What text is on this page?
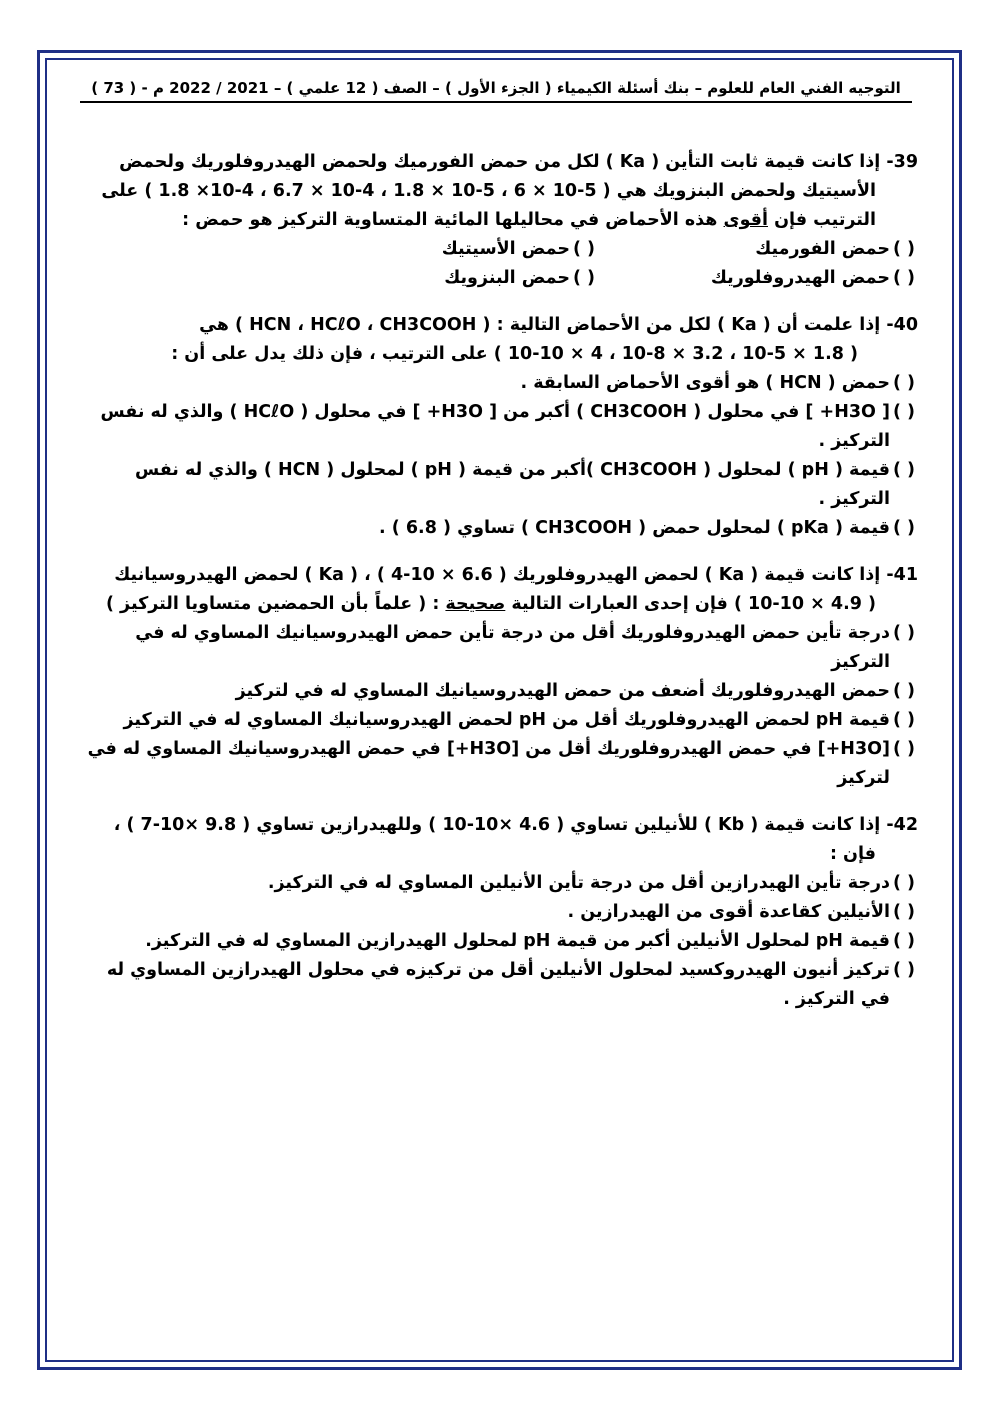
التوجيه الفني العام للعلوم – بنك أسئلة الكيمياء ( الجزء الأول ) – الصف ( 12 علمي ) – 2021 / 2022 م - ( 73 )
39- إذا كانت قيمة ثابت التأين ( Ka ) لكل من حمض الفورميك ولحمض الهيدروفلوريك ولحمض
الأسيتيك ولحمض البنزويك هي ( 1.8 ×10-4 ، 6.7 × 10-4 ، 1.8 × 10-5 ، 6 × 10-5 ) على
الترتيب فإن أقوى هذه الأحماض في محاليلها المائية المتساوية التركيز هو حمض :
( )
حمض الفورميك
( )
حمض الأسيتيك
( )
حمض الهيدروفلوريك
( )
حمض البنزويك
40- إذا علمت أن ( Ka ) لكل من الأحماض التالية : ( HCN ، HCℓO ، CH3COOH ) هي
( 1.8 × 10-5 ، 3.2 × 10-8 ، 4 × 10-10 ) على الترتيب ، فإن ذلك يدل على أن :
( )
حمض ( HCN ) هو أقوى الأحماض السابقة .
( )
[ H3O+ ] في محلول ( CH3COOH ) أكبر من [ H3O+ ] في محلول ( HCℓO ) والذي له نفس التركيز .
( )
قيمة ( pH ) لمحلول ( CH3COOH )أكبر من قيمة ( pH ) لمحلول ( HCN ) والذي له نفس التركيز .
( )
قيمة ( pKa ) لمحلول حمض ( CH3COOH ) تساوي ( 6.8 ) .
41- إذا كانت قيمة ( Ka ) لحمض الهيدروفلوريك ( 6.6 × 10-4 ) ، ( Ka ) لحمض الهيدروسيانيك
( 4.9 × 10-10 ) فإن إحدى العبارات التالية صحيحة : ( علماً بأن الحمضين متساويا التركيز )
( )
درجة تأين حمض الهيدروفلوريك أقل من درجة تأين حمض الهيدروسيانيك المساوي له في التركيز
( )
حمض الهيدروفلوريك أضعف من حمض الهيدروسيانيك المساوي له في لتركيز
( )
قيمة pH لحمض الهيدروفلوريك أقل من pH لحمض الهيدروسيانيك المساوي له في التركيز
( )
[H3O+] في حمض الهيدروفلوريك أقل من [H3O+] في حمض الهيدروسيانيك المساوي له في لتركيز
42- إذا كانت قيمة ( Kb ) للأنيلين تساوي ( 4.6 ×10-10 ) وللهيدرازين تساوي ( 9.8 ×10-7 ) ،
فإن :
( )
درجة تأين الهيدرازين أقل من درجة تأين الأنيلين المساوي له في التركيز.
( )
الأنيلين كقاعدة أقوى من الهيدرازين .
( )
قيمة pH لمحلول الأنيلين أكبر من قيمة pH لمحلول الهيدرازين المساوي له في التركيز.
( )
تركيز أنيون الهيدروكسيد لمحلول الأنيلين أقل من تركيزه في محلول الهيدرازين المساوي له في التركيز .
